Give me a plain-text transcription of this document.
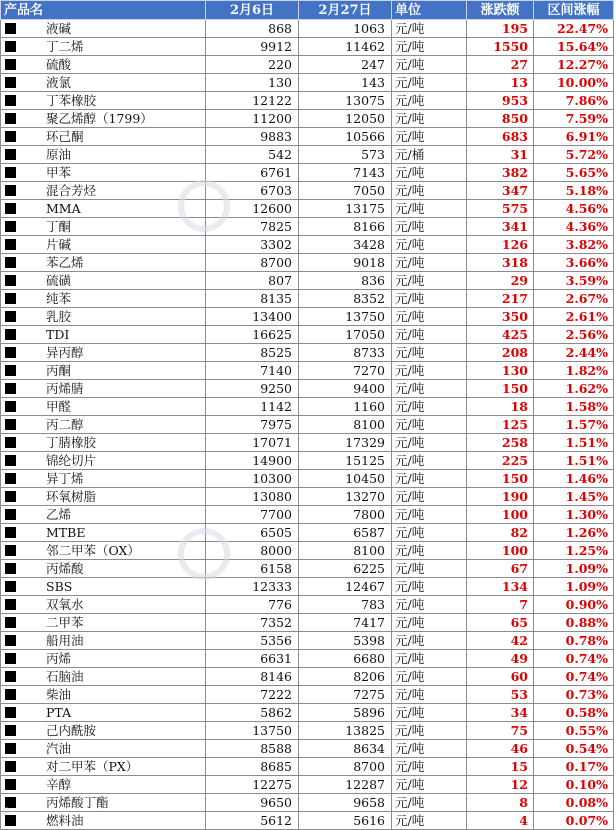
产品名	2月6日	2月27日	单位	涨跌额	区间涨幅
液碱	868	1063	元/吨	195	22.47%
丁二烯	9912	11462	元/吨	1550	15.64%
硫酸	220	247	元/吨	27	12.27%
液氯	130	143	元/吨	13	10.00%
丁苯橡胶	12122	13075	元/吨	953	7.86%
聚乙烯醇（1799）	11200	12050	元/吨	850	7.59%
环己酮	9883	10566	元/吨	683	6.91%
原油	542	573	元/桶	31	5.72%
甲苯	6761	7143	元/吨	382	5.65%
混合芳烃	6703	7050	元/吨	347	5.18%
MMA	12600	13175	元/吨	575	4.56%
丁酮	7825	8166	元/吨	341	4.36%
片碱	3302	3428	元/吨	126	3.82%
苯乙烯	8700	9018	元/吨	318	3.66%
硫磺	807	836	元/吨	29	3.59%
纯苯	8135	8352	元/吨	217	2.67%
乳胶	13400	13750	元/吨	350	2.61%
TDI	16625	17050	元/吨	425	2.56%
异丙醇	8525	8733	元/吨	208	2.44%
丙酮	7140	7270	元/吨	130	1.82%
丙烯腈	9250	9400	元/吨	150	1.62%
甲醛	1142	1160	元/吨	18	1.58%
丙二醇	7975	8100	元/吨	125	1.57%
丁腈橡胶	17071	17329	元/吨	258	1.51%
锦纶切片	14900	15125	元/吨	225	1.51%
异丁烯	10300	10450	元/吨	150	1.46%
环氧树脂	13080	13270	元/吨	190	1.45%
乙烯	7700	7800	元/吨	100	1.30%
MTBE	6505	6587	元/吨	82	1.26%
邻二甲苯（OX）	8000	8100	元/吨	100	1.25%
丙烯酸	6158	6225	元/吨	67	1.09%
SBS	12333	12467	元/吨	134	1.09%
双氧水	776	783	元/吨	7	0.90%
二甲苯	7352	7417	元/吨	65	0.88%
船用油	5356	5398	元/吨	42	0.78%
丙烯	6631	6680	元/吨	49	0.74%
石脑油	8146	8206	元/吨	60	0.74%
柴油	7222	7275	元/吨	53	0.73%
PTA	5862	5896	元/吨	34	0.58%
己内酰胺	13750	13825	元/吨	75	0.55%
汽油	8588	8634	元/吨	46	0.54%
对二甲苯（PX）	8685	8700	元/吨	15	0.17%
辛醇	12275	12287	元/吨	12	0.10%
丙烯酸丁酯	9650	9658	元/吨	8	0.08%
燃料油	5612	5616	元/吨	4	0.07%
◎
